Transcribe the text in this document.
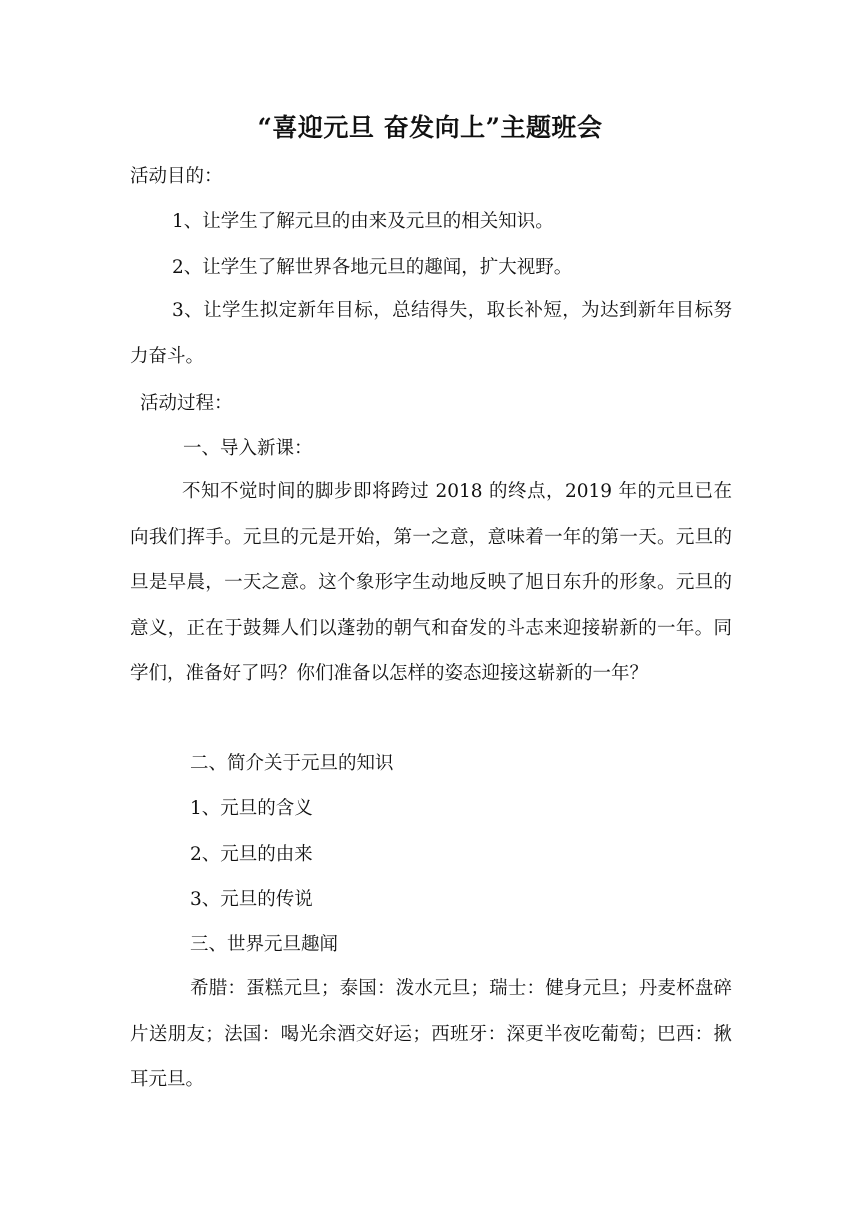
“喜迎元旦 奋发向上”主题班会
活动目的：
1、让学生了解元旦的由来及元旦的相关知识。
2、让学生了解世界各地元旦的趣闻，扩大视野。
3、让学生拟定新年目标，总结得失，取长补短，为达到新年目标努力奋斗。
活动过程：
一、导入新课：
不知不觉时间的脚步即将跨过 2018 的终点，2019 年的元旦已在向我们挥手。元旦的元是开始，第一之意，意味着一年的第一天。元旦的旦是早晨，一天之意。这个象形字生动地反映了旭日东升的形象。元旦的意义，正在于鼓舞人们以蓬勃的朝气和奋发的斗志来迎接崭新的一年。同学们，准备好了吗？你们准备以怎样的姿态迎接这崭新的一年？
二、简介关于元旦的知识
1、元旦的含义
2、元旦的由来
3、元旦的传说
三、世界元旦趣闻
希腊：蛋糕元旦；泰国：泼水元旦；瑞士：健身元旦；丹麦杯盘碎片送朋友；法国：喝光余酒交好运；西班牙：深更半夜吃葡萄；巴西：揪耳元旦。
